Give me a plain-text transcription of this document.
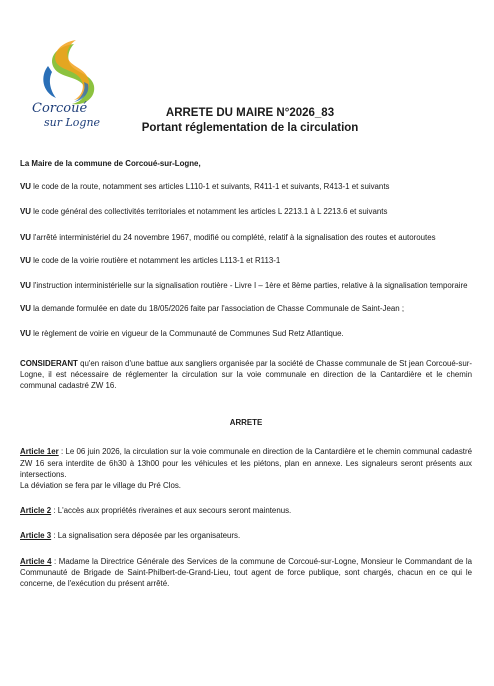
Corcoué
sur Logne
ARRETE DU MAIRE N°2026_83
Portant réglementation de la circulation

La Maire de la commune de Corcoué-sur-Logne,

VU le code de la route, notamment ses articles L110-1 et suivants, R411-1 et suivants, R413-1 et suivants

VU le code général des collectivités territoriales et notamment les articles L 2213.1 à L 2213.6 et suivants

VU l'arrêté interministériel du 24 novembre 1967, modifié ou complété, relatif à la signalisation des routes et autoroutes

VU le code de la voirie routière et notamment les articles L113-1 et R113-1

VU l'instruction interministérielle sur la signalisation routière - Livre I – 1ère et 8ème parties, relative à la signalisation temporaire

VU la demande formulée en date du 18/05/2026 faite par l'association de Chasse Communale de Saint-Jean ;

VU le règlement de voirie en vigueur de la Communauté de Communes Sud Retz Atlantique.

CONSIDERANT qu'en raison d'une battue aux sangliers organisée par la société de Chasse communale de St jean Corcoué-sur-Logne, il est nécessaire de réglementer la circulation sur la voie communale en direction de la Cantardière et le chemin communal cadastré ZW 16.

ARRETE

Article 1er : Le 06 juin 2026, la circulation sur la voie communale en direction de la Cantardière et le chemin communal cadastré ZW 16 sera interdite de 6h30 à 13h00 pour les véhicules et les piétons, plan en annexe. Les signaleurs seront présents aux intersections.

La déviation se fera par le village du Pré Clos.

Article 2 : L'accès aux propriétés riveraines et aux secours seront maintenus.

Article 3 : La signalisation sera déposée par les organisateurs.

Article 4 : Madame la Directrice Générale des Services de la commune de Corcoué-sur-Logne, Monsieur le Commandant de la Communauté de Brigade de Saint-Philbert-de-Grand-Lieu, tout agent de force publique, sont chargés, chacun en ce qui le concerne, de l'exécution du présent arrêté.
